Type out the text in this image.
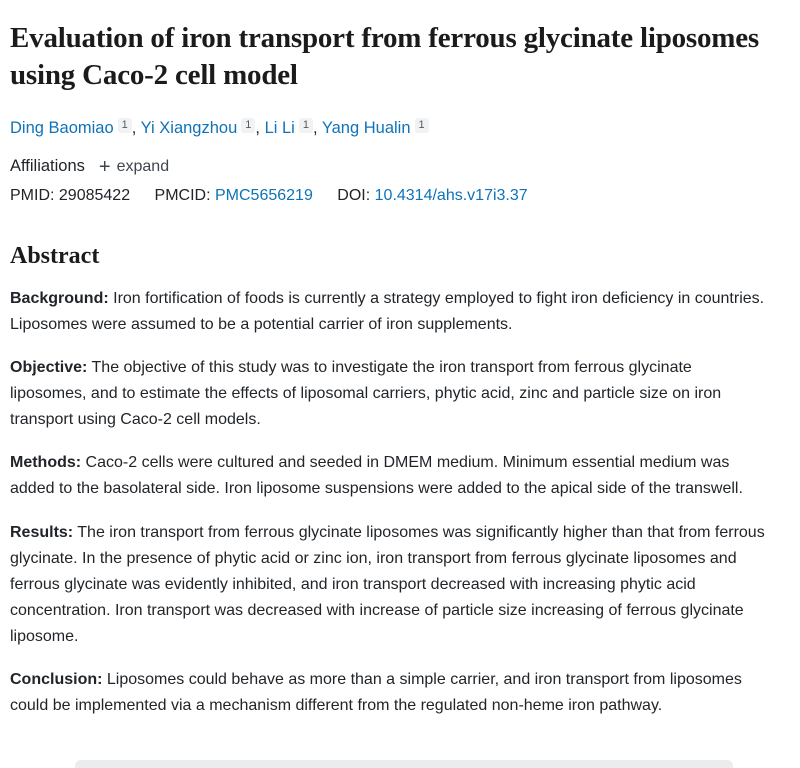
Evaluation of iron transport from ferrous glycinate liposomes using Caco-2 cell model
Ding Baomiao 1 , Yi Xiangzhou 1 , Li Li 1 , Yang Hualin 1
Affiliations + expand
PMID: 29085422 PMCID: PMC5656219 DOI: 10.4314/ahs.v17i3.37
Abstract

Background: Iron fortification of foods is currently a strategy employed to fight iron deficiency in countries. Liposomes were assumed to be a potential carrier of iron supplements.

Objective: The objective of this study was to investigate the iron transport from ferrous glycinate liposomes, and to estimate the effects of liposomal carriers, phytic acid, zinc and particle size on iron transport using Caco-2 cell models.

Methods: Caco-2 cells were cultured and seeded in DMEM medium. Minimum essential medium was added to the basolateral side. Iron liposome suspensions were added to the apical side of the transwell.

Results: The iron transport from ferrous glycinate liposomes was significantly higher than that from ferrous glycinate. In the presence of phytic acid or zinc ion, iron transport from ferrous glycinate liposomes and ferrous glycinate was evidently inhibited, and iron transport decreased with increasing phytic acid concentration. Iron transport was decreased with increase of particle size increasing of ferrous glycinate liposome.

Conclusion: Liposomes could behave as more than a simple carrier, and iron transport from liposomes could be implemented via a mechanism different from the regulated non-heme iron pathway.
